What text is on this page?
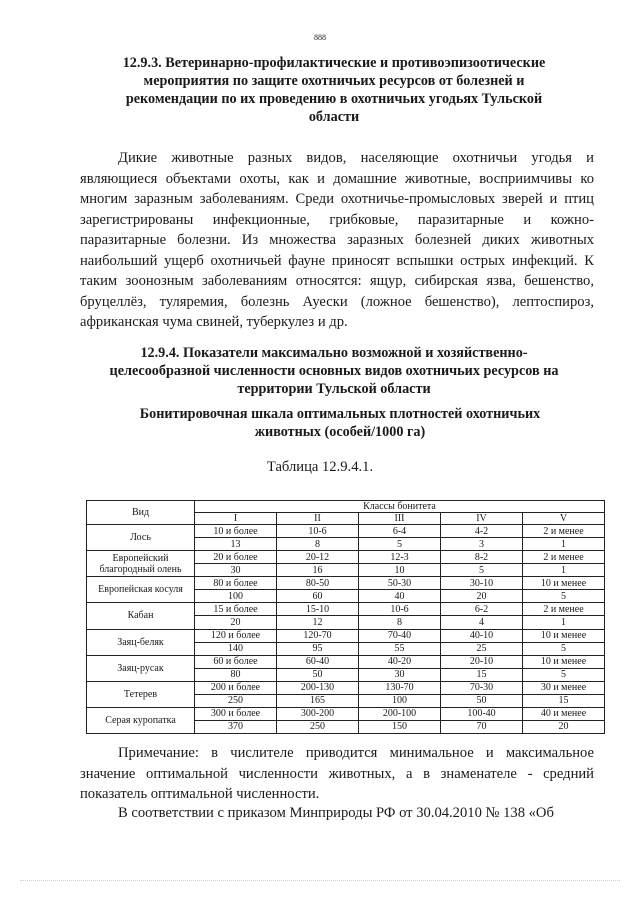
888
12.9.3. Ветеринарно-профилактические и противоэпизоотические мероприятия по защите охотничьих ресурсов от болезней и рекомендации по их проведению в охотничьих угодьях Тульской области
Дикие животные разных видов, населяющие охотничьи угодья и являющиеся объектами охоты, как и домашние животные, восприимчивы ко многим заразным заболеваниям. Среди охотничье-промысловых зверей и птиц зарегистрированы инфекционные, грибковые, паразитарные и кожно-паразитарные болезни. Из множества заразных болезней диких животных наибольший ущерб охотничьей фауне приносят вспышки острых инфекций. К таким зоонозным заболеваниям относятся: ящур, сибирская язва, бешенство, бруцеллёз, туляремия, болезнь Ауески (ложное бешенство), лептоспироз, африканская чума свиней, туберкулез и др.
12.9.4. Показатели максимально возможной и хозяйственно-целесообразной численности основных видов охотничьих ресурсов на территории Тульской области
Бонитировочная шкала оптимальных плотностей охотничьих животных (особей/1000 га)
Таблица 12.9.4.1.
Вид	Классы бонитета				
	I	II	III	IV	V
Лось	10 и более	10-6	6-4	4-2	2 и менее
	13	8	5	3	1
Европейский благородный олень	20 и более	20-12	12-3	8-2	2 и менее
	30	16	10	5	1
Европейская косуля	80 и более	80-50	50-30	30-10	10 и менее
	100	60	40	20	5
Кабан	15 и более	15-10	10-6	6-2	2 и менее
	20	12	8	4	1
Заяц-беляк	120 и более	120-70	70-40	40-10	10 и менее
	140	95	55	25	5
Заяц-русак	60 и более	60-40	40-20	20-10	10 и менее
	80	50	30	15	5
Тетерев	200 и более	200-130	130-70	70-30	30 и менее
	250	165	100	50	15
Серая куропатка	300 и более	300-200	200-100	100-40	40 и менее
	370	250	150	70	20
Примечание: в числителе приводится минимальное и максимальное значение оптимальной численности животных, а в знаменателе - средний показатель оптимальной численности.
В соответствии с приказом Минприроды РФ от 30.04.2010 № 138 «Об
